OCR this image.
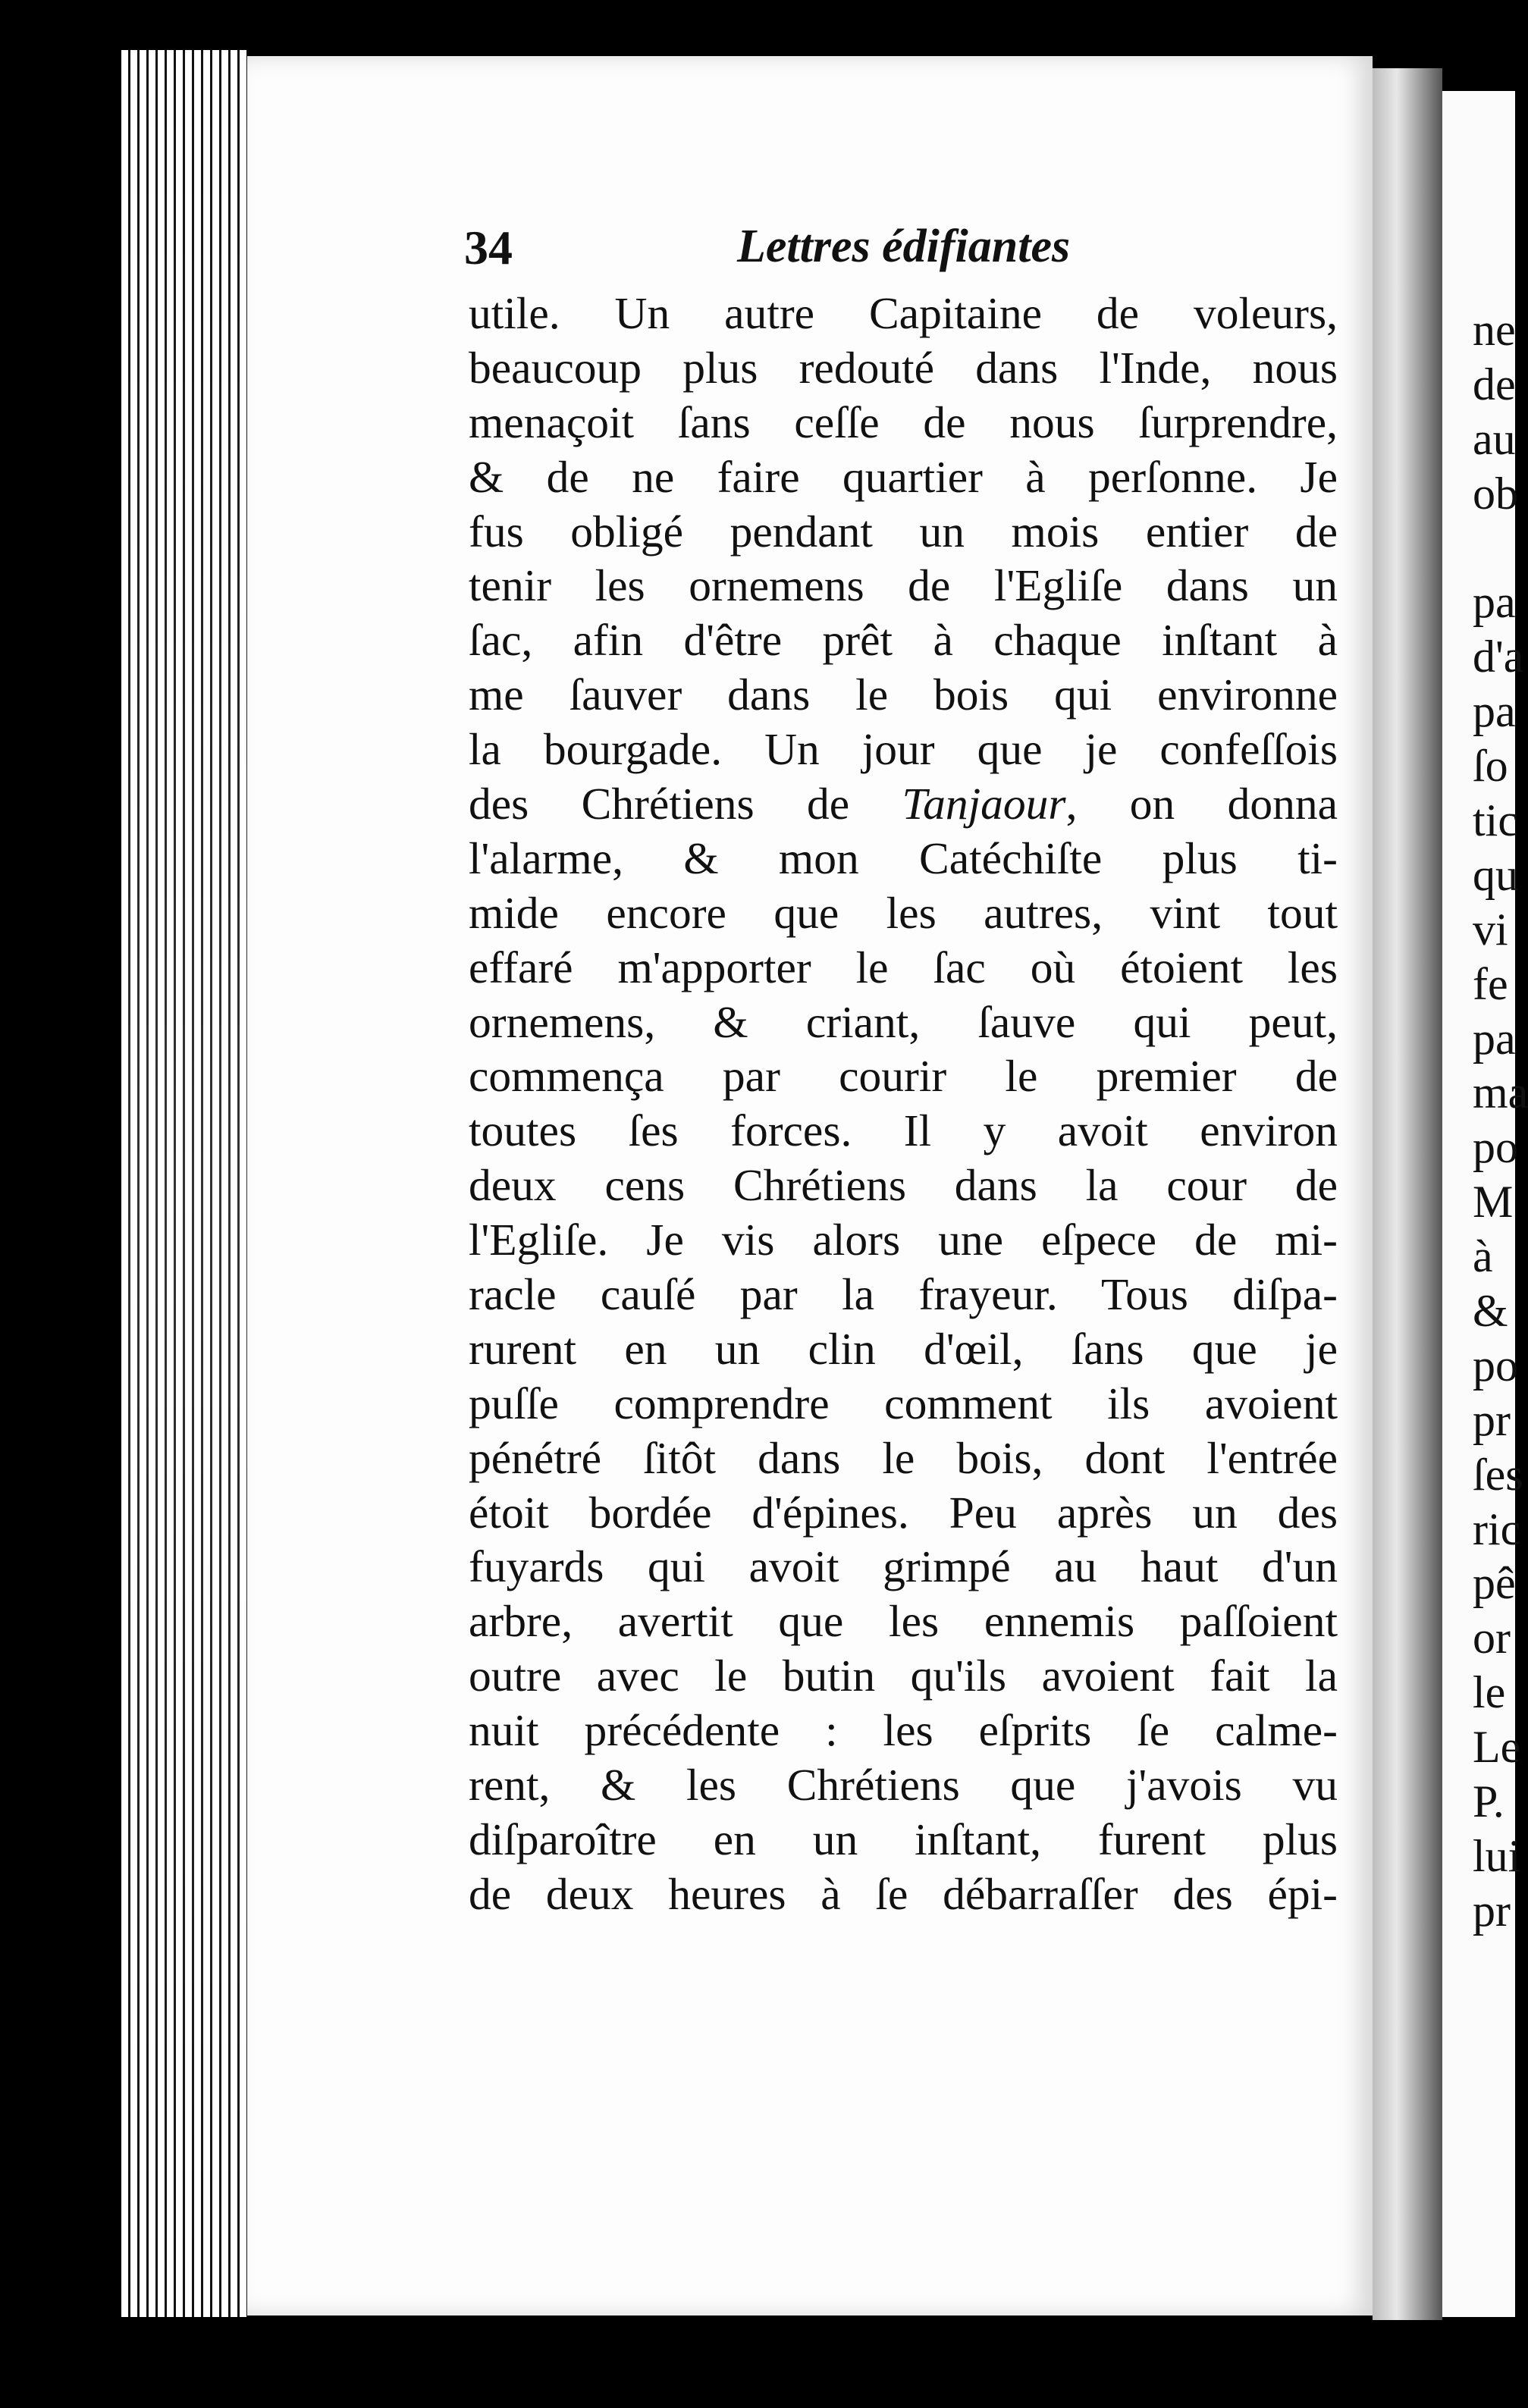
ne
de
au
ob
pa
d'a
pa
ſo
tic
qu
vi
fe
pa
ma
po
M
à
&
po
pr
ſes
ric
pê
or
le
Le
P.
lui
pr
34	Lettres édifiantes
utile. Un autre Capitaine de voleurs,
beaucoup plus redouté dans l'Inde, nous
menaçoit ſans ceſſe de nous ſurprendre,
& de ne faire quartier à perſonne. Je
fus obligé pendant un mois entier de
tenir les ornemens de l'Egliſe dans un
ſac, afin d'être prêt à chaque inſtant à
me ſauver dans le bois qui environne
la bourgade. Un jour que je confeſſois
des Chrétiens de Tanjaour, on donna
l'alarme, & mon Catéchiſte plus ti-
mide encore que les autres, vint tout
effaré m'apporter le ſac où étoient les
ornemens, & criant, ſauve qui peut,
commença par courir le premier de
toutes ſes forces. Il y avoit environ
deux cens Chrétiens dans la cour de
l'Egliſe. Je vis alors une eſpece de mi-
racle cauſé par la frayeur. Tous diſpa-
rurent en un clin d'œil, ſans que je
puſſe comprendre comment ils avoient
pénétré ſitôt dans le bois, dont l'entrée
étoit bordée d'épines. Peu après un des
fuyards qui avoit grimpé au haut d'un
arbre, avertit que les ennemis paſſoient
outre avec le butin qu'ils avoient fait la
nuit précédente : les eſprits ſe calme-
rent, & les Chrétiens que j'avois vu
diſparoître en un inſtant, furent plus
de deux heures à ſe débarraſſer des épi-
